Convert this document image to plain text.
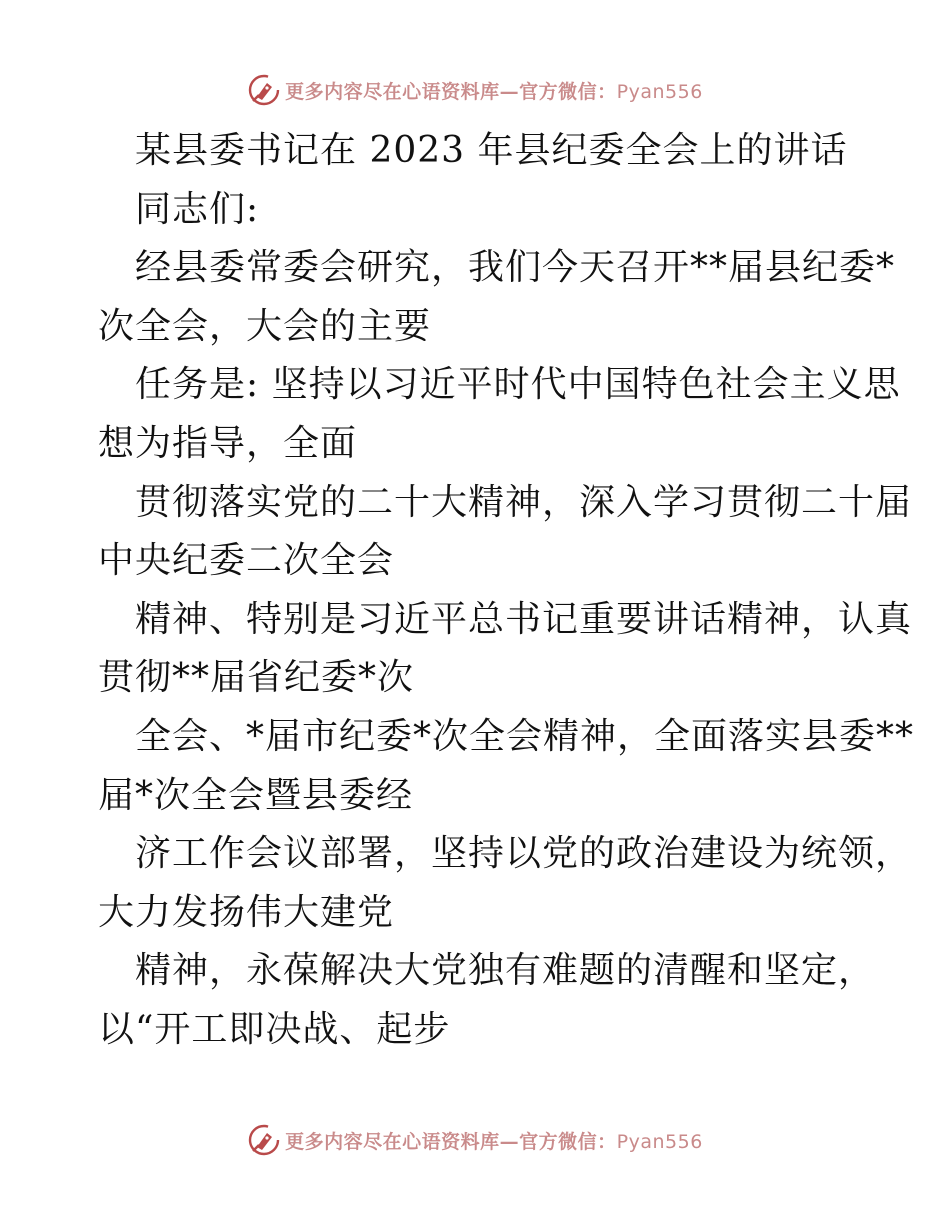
更多内容尽在心语资料库—官方微信：Pyan556
某县委书记在 2023 年县纪委全会上的讲话
同志们:
经县委常委会研究，我们今天召开**届县纪委*
次全会，大会的主要
任务是: 坚持以习近平时代中国特色社会主义思
想为指导，全面
贯彻落实党的二十大精神，深入学习贯彻二十届
中央纪委二次全会
精神、特别是习近平总书记重要讲话精神，认真
贯彻**届省纪委*次
全会、*届市纪委*次全会精神，全面落实县委**
届*次全会暨县委经
济工作会议部署，坚持以党的政治建设为统领，
大力发扬伟大建党
精神，永葆解决大党独有难题的清醒和坚定，
以“开工即决战、起步
更多内容尽在心语资料库—官方微信：Pyan556
